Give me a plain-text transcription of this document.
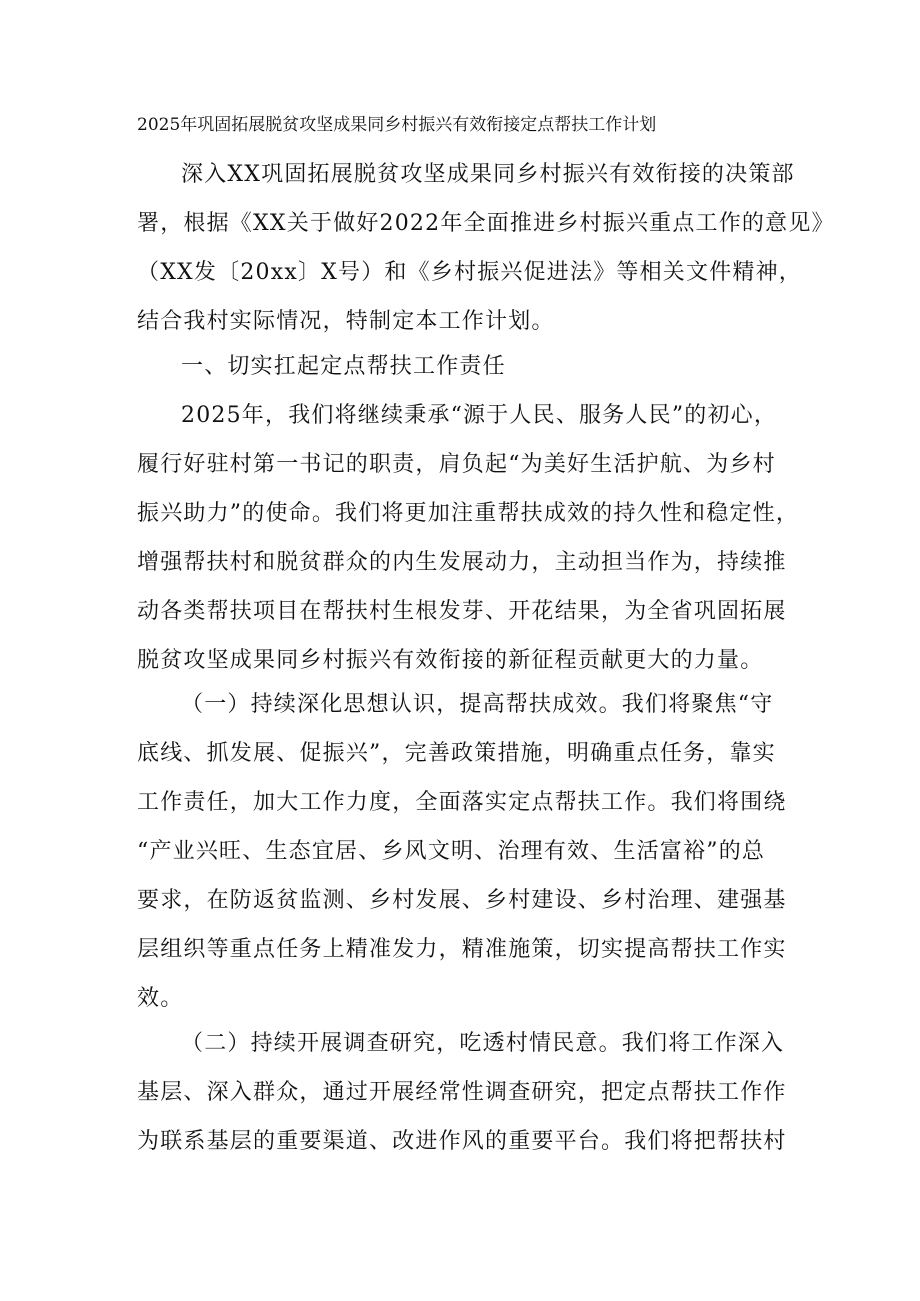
2025年巩固拓展脱贫攻坚成果同乡村振兴有效衔接定点帮扶工作计划
深入XX巩固拓展脱贫攻坚成果同乡村振兴有效衔接的决策部
署，根据《XX关于做好2022年全面推进乡村振兴重点工作的意见》
（XX发〔20xx〕X号）和《乡村振兴促进法》等相关文件精神，
结合我村实际情况，特制定本工作计划。
一、切实扛起定点帮扶工作责任
2025年，我们将继续秉承“源于人民、服务人民”的初心，
履行好驻村第一书记的职责，肩负起“为美好生活护航、为乡村
振兴助力”的使命。我们将更加注重帮扶成效的持久性和稳定性，
增强帮扶村和脱贫群众的内生发展动力，主动担当作为，持续推
动各类帮扶项目在帮扶村生根发芽、开花结果，为全省巩固拓展
脱贫攻坚成果同乡村振兴有效衔接的新征程贡献更大的力量。
（一）持续深化思想认识，提高帮扶成效。我们将聚焦“守
底线、抓发展、促振兴”，完善政策措施，明确重点任务，靠实
工作责任，加大工作力度，全面落实定点帮扶工作。我们将围绕
“产业兴旺、生态宜居、乡风文明、治理有效、生活富裕”的总
要求，在防返贫监测、乡村发展、乡村建设、乡村治理、建强基
层组织等重点任务上精准发力，精准施策，切实提高帮扶工作实
效。
（二）持续开展调查研究，吃透村情民意。我们将工作深入
基层、深入群众，通过开展经常性调查研究，把定点帮扶工作作
为联系基层的重要渠道、改进作风的重要平台。我们将把帮扶村
